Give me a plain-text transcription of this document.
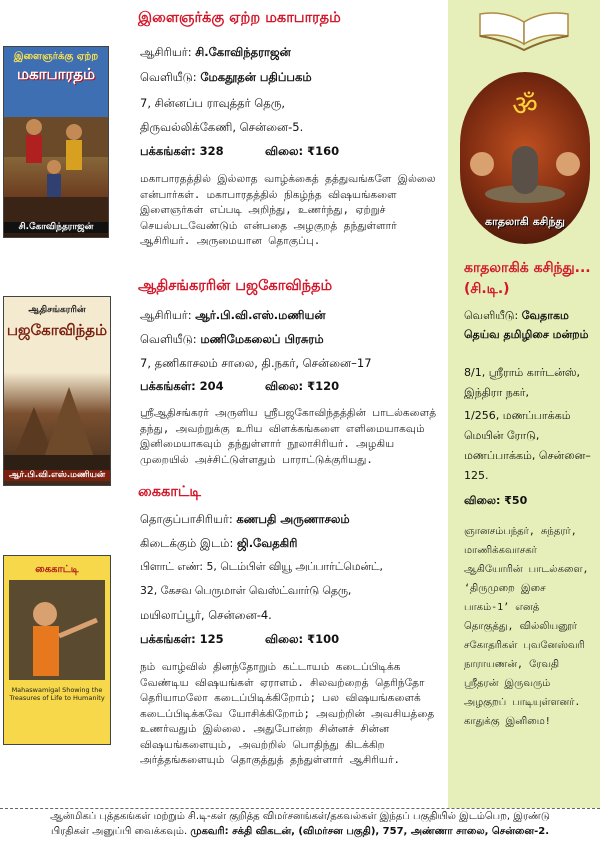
இளைஞர்க்கு ஏற்ற
மகாபாரதம்
சி.கோவிந்தராஜன்
இளைஞர்க்கு ஏற்ற மகாபாரதம்
ஆசிரியர்: சி.கோவிந்தராஜன்
வெளியீடு: மேகதூதன் பதிப்பகம்
7, சின்னப்ப ராவுத்தர் தெரு,
திருவல்லிக்கேணி, சென்னை-5.
பக்கங்கள்: 328	விலை: ₹160

மகாபாரதத்தில் இல்லாத வாழ்க்கைத் தத்துவங்களே இல்லை என்பார்கள். மகாபாரதத்தில் நிகழ்ந்த விஷயங்களை இளைஞர்கள் எப்படி அறிந்து, உணர்ந்து, ஏற்றுச் செயல்படவேண்டும் என்பதை அழகுறத் தந்துள்ளார் ஆசிரியர். அருமையான தொகுப்பு.

ஆதிசங்கரரின்
பஜகோவிந்தம்
ஆர்.பி.வி.எஸ்.மணியன்
ஆதிசங்கரரின் பஜகோவிந்தம்
ஆசிரியர்: ஆர்.பி.வி.எஸ்.மணியன்
வெளியீடு: மணிமேகலைப் பிரசுரம்
7, தணிகாசலம் சாலை, தி.நகர், சென்னை–17
பக்கங்கள்: 204	விலை: ₹120

ஸ்ரீஆதிசங்கரர் அருளிய ஸ்ரீபஜகோவிந்தத்தின் பாடல்களைத் தந்து, அவற்றுக்கு உரிய விளக்கங்களை எளிமையாகவும் இனிமையாகவும் தந்துள்ளார் நூலாசிரியர். அழகிய முறையில் அச்சிட்டுள்ளதும் பாராட்டுக்குரியது.

கைகாட்டி
Mahaswamigal Showing the Treasures of Life to Humanity
கைகாட்டி
தொகுப்பாசிரியர்: கணபதி அருணாசலம்
கிடைக்கும் இடம்: ஜி.வேதகிரி
பிளாட் எண்: 5, டெம்பிள் வியூ அப்பார்ட்மென்ட்,
32, கேசவ பெருமாள் வெஸ்ட்வார்டு தெரு,
மயிலாப்பூர், சென்னை-4.
பக்கங்கள்: 125	விலை: ₹100

நம் வாழ்வில் தினந்தோறும் கட்டாயம் கடைப்பிடிக்க வேண்டிய விஷயங்கள் ஏராளம். சிலவற்றைத் தெரிந்தோ தெரியாமலோ கடைப்பிடிக்கிறோம்; பல விஷயங்களைக் கடைப்பிடிக்கவே யோசிக்கிறோம்; அவற்றின் அவசியத்தை உணர்வதும் இல்லை. அதுபோன்ற சின்னச் சின்ன விஷயங்களையும், அவற்றில் பொதிந்து கிடக்கிற அர்த்தங்களையும் தொகுத்துத் தந்துள்ளார் ஆசிரியர்.

ॐ
காதலாகி கசிந்து
காதலாகிக் கசிந்து... (சி.டி.)
வெளியீடு: வேதாகம தெய்வ தமிழிசை மன்றம்
8/1, ஸ்ரீராம் கார்டன்ஸ்,
இந்திரா நகர்,
1/256, மணப்பாக்கம் மெயின் ரோடு,
மணப்பாக்கம், சென்னை– 125.
விலை: ₹50
ஞானசம்பந்தர், சுந்தரர், மாணிக்கவாசகர் ஆகியோரின் பாடல்களை, ‘திருமுறை இசை பாகம்-1’ எனத் தொகுத்து, வில்லியனூர் சகோதரிகள் புவனேஸ்வரி நாராயணன், ரேவதி ஸ்ரீதரன் இருவரும் அழகுறப் பாடியுள்ளனர். காதுக்கு இனிமை!
ஆன்மிகப் புத்தகங்கள் மற்றும் சி.டி-கள் குறித்த விமர்சனங்கள்/தகவல்கள் இந்தப் பகுதியில் இடம்பெற, இரண்டு
பிரதிகள் அனுப்பி வைக்கவும். முகவரி: சக்தி விகடன், (விமர்சன பகுதி), 757, அண்ணா சாலை, சென்னை-2.
